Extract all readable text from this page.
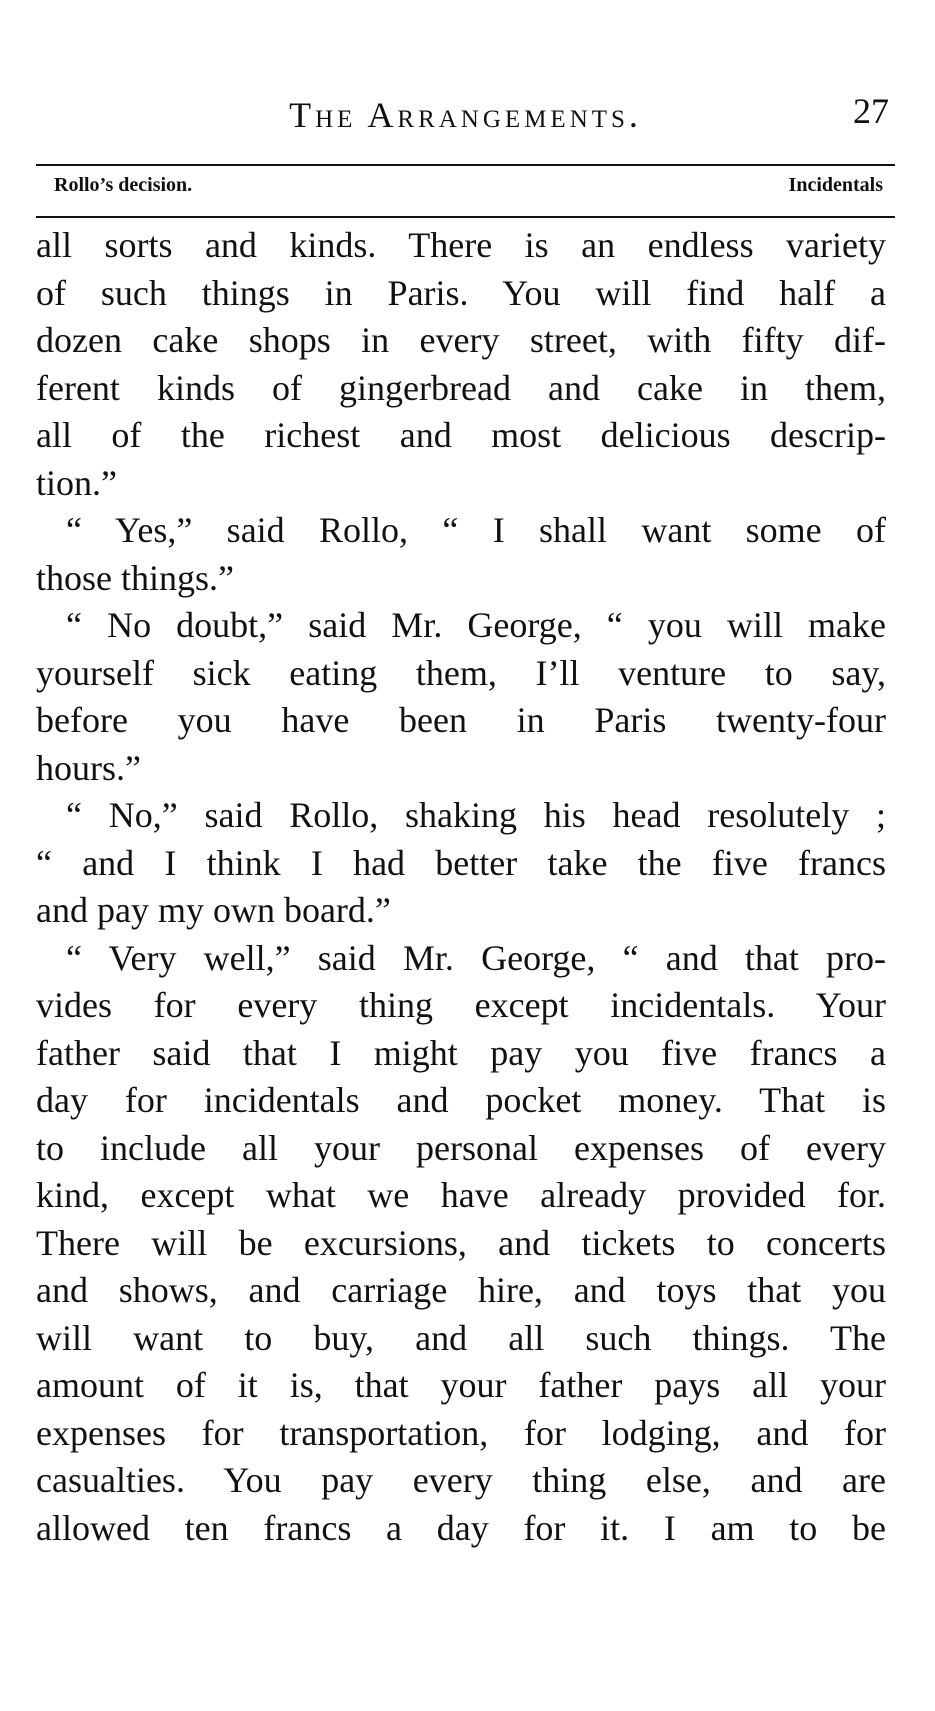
The Arrangements.	27
Rollo’s decision.	Incidentals
all sorts and kinds. There is an endless variety
of such things in Paris. You will find half a
dozen cake shops in every street, with fifty dif-
ferent kinds of gingerbread and cake in them,
all of the richest and most delicious descrip-
tion.”
“ Yes,” said Rollo, “ I shall want some of
those things.”
“ No doubt,” said Mr. George, “ you will make
yourself sick eating them, I’ll venture to say,
before you have been in Paris twenty-four
hours.”
“ No,” said Rollo, shaking his head resolutely ;
“ and I think I had better take the five francs
and pay my own board.”
“ Very well,” said Mr. George, “ and that pro-
vides for every thing except incidentals. Your
father said that I might pay you five francs a
day for incidentals and pocket money. That is
to include all your personal expenses of every
kind, except what we have already provided for.
There will be excursions, and tickets to concerts
and shows, and carriage hire, and toys that you
will want to buy, and all such things. The
amount of it is, that your father pays all your
expenses for transportation, for lodging, and for
casualties. You pay every thing else, and are
allowed ten francs a day for it. I am to be
